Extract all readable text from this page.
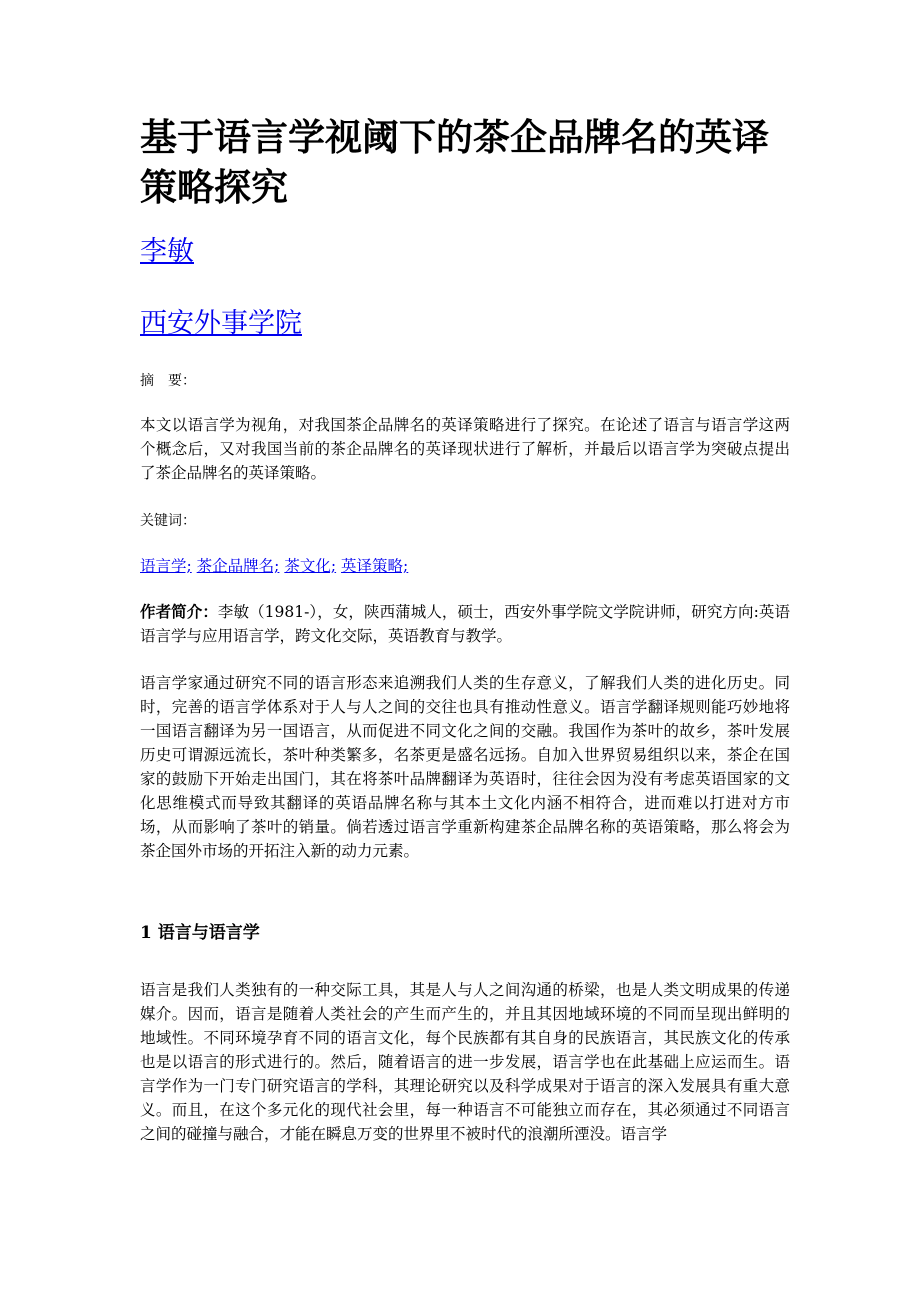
基于语言学视阈下的茶企品牌名的英译策略探究
李敏
西安外事学院
摘 要：

本文以语言学为视角，对我国茶企品牌名的英译策略进行了探究。在论述了语言与语言学这两个概念后，又对我国当前的茶企品牌名的英译现状进行了解析，并最后以语言学为突破点提出了茶企品牌名的英译策略。

关键词：
语言学; 茶企品牌名; 茶文化; 英译策略;

作者简介：李敏（1981-），女，陕西蒲城人，硕士，西安外事学院文学院讲师，研究方向:英语语言学与应用语言学，跨文化交际，英语教育与教学。

语言学家通过研究不同的语言形态来追溯我们人类的生存意义，了解我们人类的进化历史。同时，完善的语言学体系对于人与人之间的交往也具有推动性意义。语言学翻译规则能巧妙地将一国语言翻译为另一国语言，从而促进不同文化之间的交融。我国作为茶叶的故乡，茶叶发展历史可谓源远流长，茶叶种类繁多，名茶更是盛名远扬。自加入世界贸易组织以来，茶企在国家的鼓励下开始走出国门，其在将茶叶品牌翻译为英语时，往往会因为没有考虑英语国家的文化思维模式而导致其翻译的英语品牌名称与其本土文化内涵不相符合，进而难以打进对方市场，从而影响了茶叶的销量。倘若透过语言学重新构建茶企品牌名称的英语策略，那么将会为茶企国外市场的开拓注入新的动力元素。

1 语言与语言学

语言是我们人类独有的一种交际工具，其是人与人之间沟通的桥梁，也是人类文明成果的传递媒介。因而，语言是随着人类社会的产生而产生的，并且其因地域环境的不同而呈现出鲜明的地域性。不同环境孕育不同的语言文化，每个民族都有其自身的民族语言，其民族文化的传承也是以语言的形式进行的。然后，随着语言的进一步发展，语言学也在此基础上应运而生。语言学作为一门专门研究语言的学科，其理论研究以及科学成果对于语言的深入发展具有重大意义。而且，在这个多元化的现代社会里，每一种语言不可能独立而存在，其必须通过不同语言之间的碰撞与融合，才能在瞬息万变的世界里不被时代的浪潮所湮没。语言学
